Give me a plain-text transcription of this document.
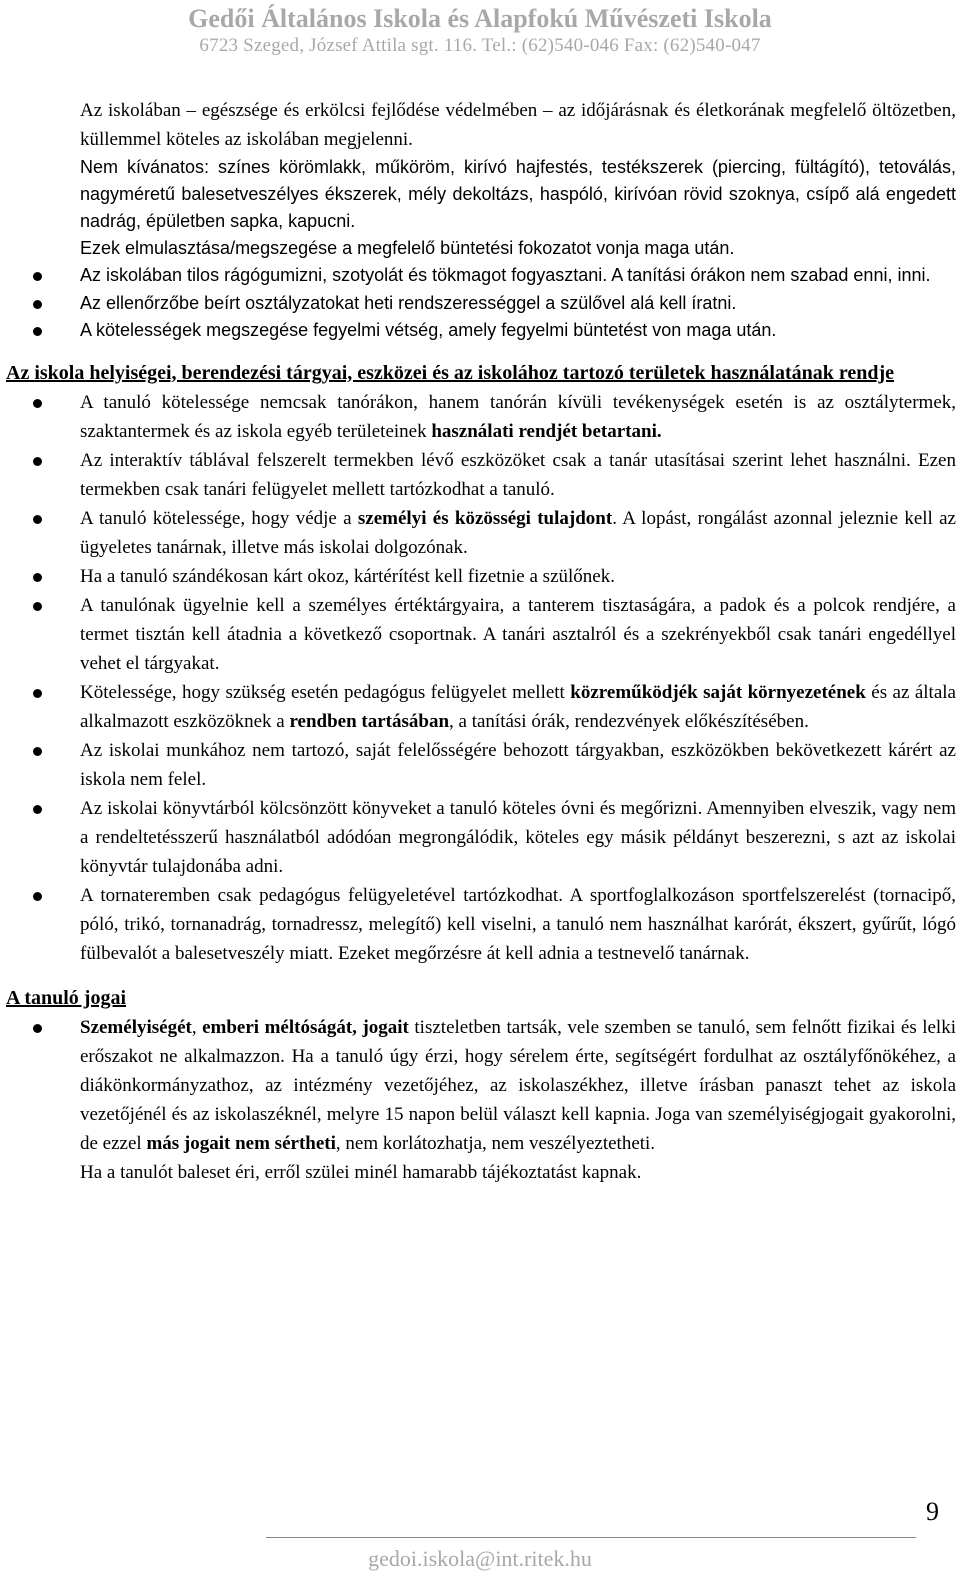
Gedői Általános Iskola és Alapfokú Művészeti Iskola
6723 Szeged, József Attila sgt. 116. Tel.: (62)540-046 Fax: (62)540-047
Az iskolában – egészsége és erkölcsi fejlődése védelmében – az időjárásnak és életkorának megfelelő öltözetben, küllemmel köteles az iskolában megjelenni.
Nem kívánatos: színes körömlakk, műköröm, kirívó hajfestés, testékszerek (piercing, fültágító), tetoválás, nagyméretű balesetveszélyes ékszerek, mély dekoltázs, haspóló, kirívóan rövid szoknya, csípő alá engedett nadrág, épületben sapka, kapucni.
Ezek elmulasztása/megszegése a megfelelő büntetési fokozatot vonja maga után.
Az iskolában tilos rágógumizni, szotyolát és tökmagot fogyasztani. A tanítási órákon nem szabad enni, inni.
Az ellenőrzőbe beírt osztályzatokat heti rendszerességgel a szülővel alá kell íratni.
A kötelességek megszegése fegyelmi vétség, amely fegyelmi büntetést von maga után.
Az iskola helyiségei, berendezési tárgyai, eszközei és az iskolához tartozó területek használatának rendje
A tanuló kötelessége nemcsak tanórákon, hanem tanórán kívüli tevékenységek esetén is az osztálytermek, szaktantermek és az iskola egyéb területeinek használati rendjét betartani.
Az interaktív táblával felszerelt termekben lévő eszközöket csak a tanár utasításai szerint lehet használni. Ezen termekben csak tanári felügyelet mellett tartózkodhat a tanuló.
A tanuló kötelessége, hogy védje a személyi és közösségi tulajdont. A lopást, rongálást azonnal jeleznie kell az ügyeletes tanárnak, illetve más iskolai dolgozónak.
Ha a tanuló szándékosan kárt okoz, kártérítést kell fizetnie a szülőnek.
A tanulónak ügyelnie kell a személyes értéktárgyaira, a tanterem tisztaságára, a padok és a polcok rendjére, a termet tisztán kell átadnia a következő csoportnak. A tanári asztalról és a szekrényekből csak tanári engedéllyel vehet el tárgyakat.
Kötelessége, hogy szükség esetén pedagógus felügyelet mellett közreműködjék saját környezetének és az általa alkalmazott eszközöknek a rendben tartásában, a tanítási órák, rendezvények előkészítésében.
Az iskolai munkához nem tartozó, saját felelősségére behozott tárgyakban, eszközökben bekövetkezett kárért az iskola nem felel.
Az iskolai könyvtárból kölcsönzött könyveket a tanuló köteles óvni és megőrizni. Amennyiben elveszik, vagy nem a rendeltetésszerű használatból adódóan megrongálódik, köteles egy másik példányt beszerezni, s azt az iskolai könyvtár tulajdonába adni.
A tornateremben csak pedagógus felügyeletével tartózkodhat. A sportfoglalkozáson sportfelszerelést (tornacipő, póló, trikó, tornanadrág, tornadressz, melegítő) kell viselni, a tanuló nem használhat karórát, ékszert, gyűrűt, lógó fülbevalót a balesetveszély miatt. Ezeket megőrzésre át kell adnia a testnevelő tanárnak.
A tanuló jogai
Személyiségét, emberi méltóságát, jogait tiszteletben tartsák, vele szemben se tanuló, sem felnőtt fizikai és lelki erőszakot ne alkalmazzon. Ha a tanuló úgy érzi, hogy sérelem érte, segítségért fordulhat az osztályfőnökéhez, a diákönkormányzathoz, az intézmény vezetőjéhez, az iskolaszékhez, illetve írásban panaszt tehet az iskola vezetőjénél és az iskolaszéknél, melyre 15 napon belül választ kell kapnia. Joga van személyiségjogait gyakorolni, de ezzel más jogait nem sértheti, nem korlátozhatja, nem veszélyeztetheti.
Ha a tanulót baleset éri, erről szülei minél hamarabb tájékoztatást kapnak.
9
gedoi.iskola@int.ritek.hu
